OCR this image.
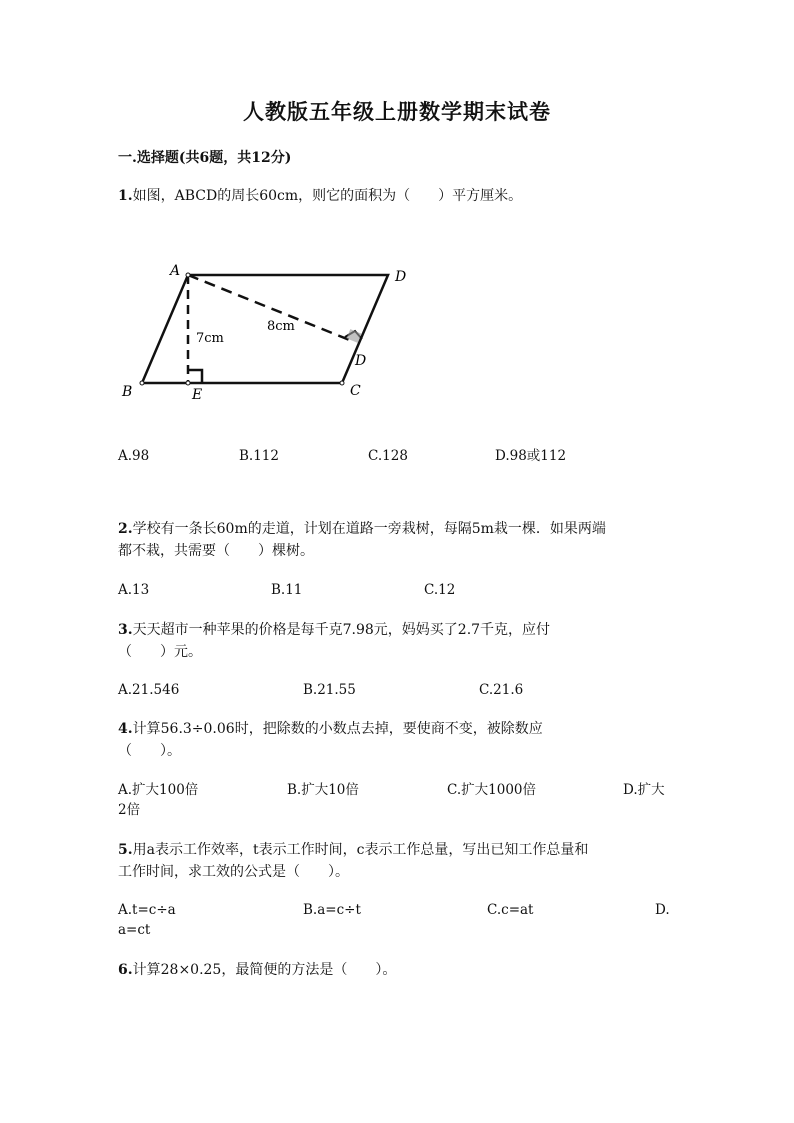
人教版五年级上册数学期末试卷
一.选择题(共6题，共12分)
1.如图，ABCD的周长60cm，则它的面积为（　　）平方厘米。
A	D
B	C
E
D
7cm
8cm
A.98	B.112	C.128	D.98或112
2.学校有一条长60m的走道，计划在道路一旁栽树，每隔5m栽一棵．如果两端
都不栽，共需要（　　）棵树。
A.13	B.11	C.12
3.天天超市一种苹果的价格是每千克7.98元，妈妈买了2.7千克，应付
（　　）元。
A.21.546	B.21.55	C.21.6
4.计算56.3÷0.06时，把除数的小数点去掉，要使商不变，被除数应
（　　）。
A.扩大100倍	B.扩大10倍	C.扩大1000倍	D.扩大
2倍
5.用a表示工作效率，t表示工作时间，c表示工作总量，写出已知工作总量和
工作时间，求工效的公式是（　　）。
A.t=c÷a	B.a=c÷t	C.c=at	D.
a=ct
6.计算28×0.25，最简便的方法是（　　）。
